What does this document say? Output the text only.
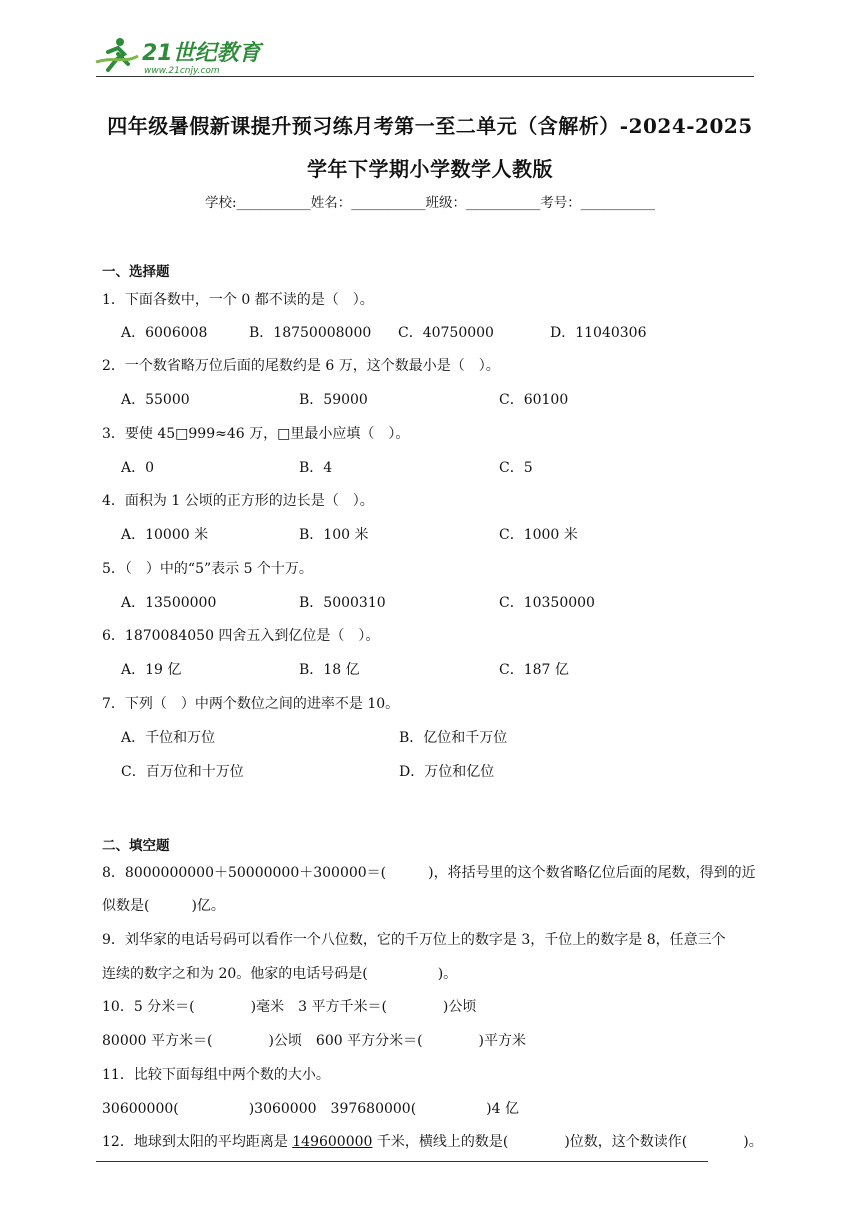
21世纪教育
www.21cnjy.com
四年级暑假新课提升预习练月考第一至二单元（含解析）-2024-2025
学年下学期小学数学人教版
学校:___________姓名：___________班级：___________考号：___________
一、选择题
1．下面各数中，一个 0 都不读的是（　）。
A．6006008	B．18750008000 C．40750000	D．11040306
2．一个数省略万位后面的尾数约是 6 万，这个数最小是（　）。
A．55000	B．59000	C．60100
3．要使 45□999≈46 万，□里最小应填（　）。
A．0	B．4	C．5
4．面积为 1 公顷的正方形的边长是（　）。
A．10000 米	B．100 米	C．1000 米
5．（　）中的“5”表示 5 个十万。
A．13500000	B．5000310	C．10350000
6．1870084050 四舍五入到亿位是（　）。
A．19 亿	B．18 亿	C．187 亿
7．下列（　）中两个数位之间的进率不是 10。
A．千位和万位	B．亿位和千万位
C．百万位和十万位	D．万位和亿位
二、填空题
8．8000000000＋50000000＋300000＝(　　　)，将括号里的这个数省略亿位后面的尾数，得到的近
似数是(　　　)亿。
9．刘华家的电话号码可以看作一个八位数，它的千万位上的数字是 3，千位上的数字是 8，任意三个
连续的数字之和为 20。他家的电话号码是(　　　　　)。
10．5 分米＝(　　　　)毫米　3 平方千米＝(　　　　)公顷
80000 平方米＝(　　　　)公顷　600 平方分米＝(　　　　)平方米
11．比较下面每组中两个数的大小。
30600000(　　　　　)3060000　397680000(　　　　　)4 亿
12．地球到太阳的平均距离是 149600000 千米，横线上的数是(　　　　)位数，这个数读作(　　　　)。
